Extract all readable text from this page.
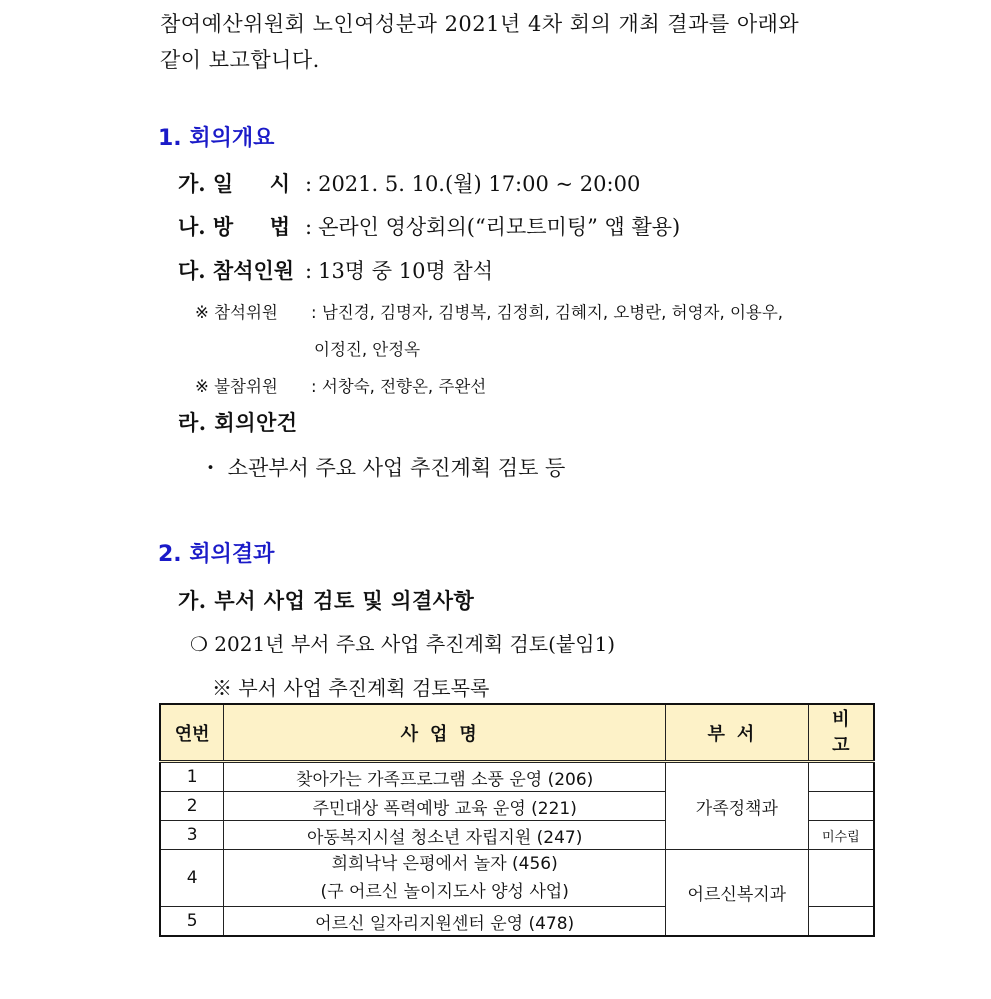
참여예산위원회 노인여성분과 2021년 4차 회의 개최 결과를 아래와
같이 보고합니다.
1. 회의개요
가. 일     시 : 2021. 5. 10.(월) 17:00 ~ 20:00
나. 방     법 : 온라인 영상회의(“리모트미팅” 앱 활용)
다. 참석인원 : 13명 중 10명 참석
※ 참석위원 : 남진경, 김명자, 김병복, 김정희, 김혜지, 오병란, 허영자, 이용우,
이정진, 안정옥
※ 불참위원 : 서창숙, 전향온, 주완선
라. 회의안건
・ 소관부서 주요 사업 추진계획 검토 등
2. 회의결과
가. 부서 사업 검토 및 의결사항
❍ 2021년 부서 주요 사업 추진계획 검토(붙임1)
※ 부서 사업 추진계획 검토목록
연번	사업명	부서	비
고

1	찾아가는 가족프로그램 소풍 운영 (206)	가족정책과	
2	주민대상 폭력예방 교육 운영 (221)		
3	아동복지시설 청소년 자립지원 (247)		미수립
4	희희낙낙 은평에서 놀자 (456)
(구 어르신 놀이지도사 양성 사업)	어르신복지과	
5	어르신 일자리지원센터 운영 (478)		
